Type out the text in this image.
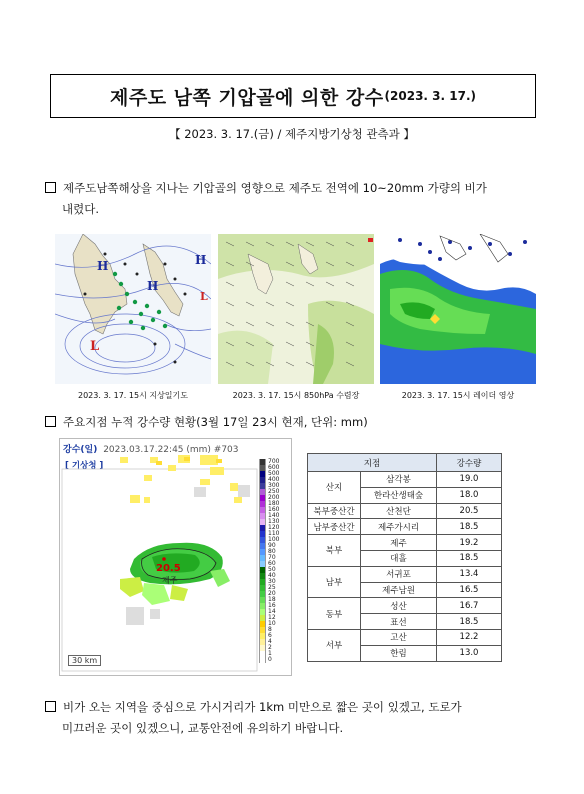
제주도 남쪽 기압골에 의한 강수 (2023. 3. 17.)
【 2023. 3. 17.(금) / 제주지방기상청 관측과 】
제주도남쪽해상을 지나는 기압골의 영향으로 제주도 전역에 10~20mm 가량의 비가
내렸다.
H
H
H
L
L
2023. 3. 17. 15시 지상일기도	2023. 3. 17. 15시 850hPa 수렴장	2023. 3. 17. 15시 레이더 영상
주요지점 누적 강수량 현황(3월 17일 23시 현재, 단위: mm)
강수(일) 2023.03.17.22:45 (mm) #703
[ 기상청 ]
20.5
제주
30 km
700
600
500
400
300
250
200
180
160
140
130
120
110
100
90
80
70
60
50
40
30
25
20
18
16
14
12
10
8
6
4
2
1
0
지점		강수량
산지	삼각봉	19.0
	한라산생태숲	18.0
북부중산간	산천단	20.5
남부중산간	제주가시리	18.5
북부	제주	19.2
	대흘	18.5
남부	서귀포	13.4
	제주남원	16.5
동부	성산	16.7
	표선	18.5
서부	고산	12.2
	한림	13.0
비가 오는 지역을 중심으로 가시거리가 1km 미만으로 짧은 곳이 있겠고, 도로가
미끄러운 곳이 있겠으니, 교통안전에 유의하기 바랍니다.
